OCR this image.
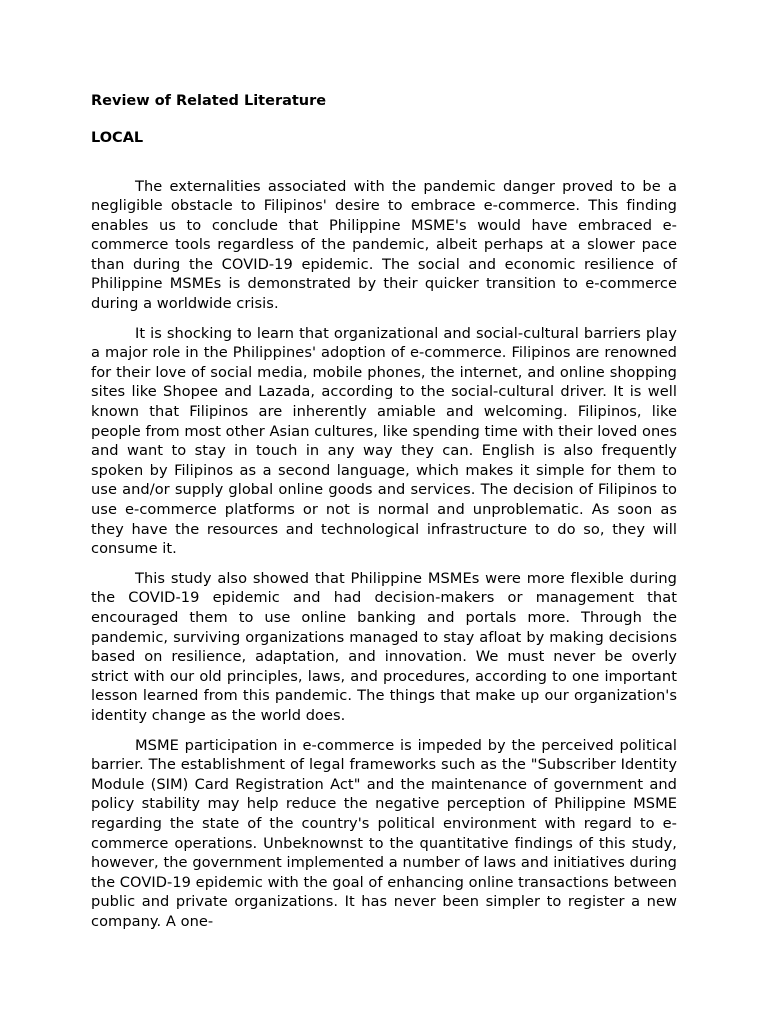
Review of Related Literature
LOCAL

The externalities associated with the pandemic danger proved to be a negligible obstacle to Filipinos' desire to embrace e-commerce. This finding enables us to conclude that Philippine MSME's would have embraced e-commerce tools regardless of the pandemic, albeit perhaps at a slower pace than during the COVID-19 epidemic. The social and economic resilience of Philippine MSMEs is demonstrated by their quicker transition to e-commerce during a worldwide crisis.

It is shocking to learn that organizational and social-cultural barriers play a major role in the Philippines' adoption of e-commerce. Filipinos are renowned for their love of social media, mobile phones, the internet, and online shopping sites like Shopee and Lazada, according to the social-cultural driver. It is well known that Filipinos are inherently amiable and welcoming. Filipinos, like people from most other Asian cultures, like spending time with their loved ones and want to stay in touch in any way they can. English is also frequently spoken by Filipinos as a second language, which makes it simple for them to use and/or supply global online goods and services. The decision of Filipinos to use e-commerce platforms or not is normal and unproblematic. As soon as they have the resources and technological infrastructure to do so, they will consume it.

This study also showed that Philippine MSMEs were more flexible during the COVID-19 epidemic and had decision-makers or management that encouraged them to use online banking and portals more. Through the pandemic, surviving organizations managed to stay afloat by making decisions based on resilience, adaptation, and innovation. We must never be overly strict with our old principles, laws, and procedures, according to one important lesson learned from this pandemic. The things that make up our organization's identity change as the world does.

MSME participation in e-commerce is impeded by the perceived political barrier. The establishment of legal frameworks such as the "Subscriber Identity Module (SIM) Card Registration Act" and the maintenance of government and policy stability may help reduce the negative perception of Philippine MSME regarding the state of the country's political environment with regard to e-commerce operations. Unbeknownst to the quantitative findings of this study, however, the government implemented a number of laws and initiatives during the COVID-19 epidemic with the goal of enhancing online transactions between public and private organizations. It has never been simpler to register a new company. A one-
